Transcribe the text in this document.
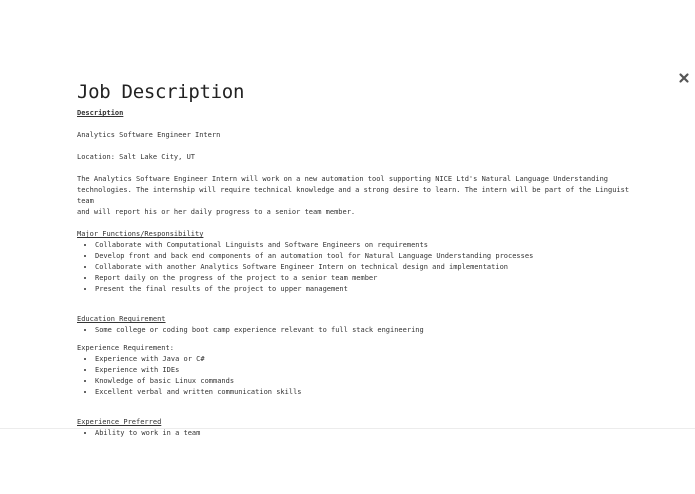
Job Description

Description

Analytics Software Engineer Intern

Location: Salt Lake City, UT

The Analytics Software Engineer Intern will work on a new automation tool supporting NICE Ltd's Natural Language Understanding

technologies. The internship will require technical knowledge and a strong desire to learn. The intern will be part of the Linguist team

and will report his or her daily progress to a senior team member.

Major Functions/Responsibility

• Collaborate with Computational Linguists and Software Engineers on requirements
• Develop front and back end components of an automation tool for Natural Language Understanding processes
• Collaborate with another Analytics Software Engineer Intern on technical design and implementation
• Report daily on the progress of the project to a senior team member
• Present the final results of the project to upper management

Education Requirement

• Some college or coding boot camp experience relevant to full stack engineering

Experience Requirement:

• Experience with Java or C#
• Experience with IDEs
• Knowledge of basic Linux commands
• Excellent verbal and written communication skills

Experience Preferred

• Ability to work in a team
